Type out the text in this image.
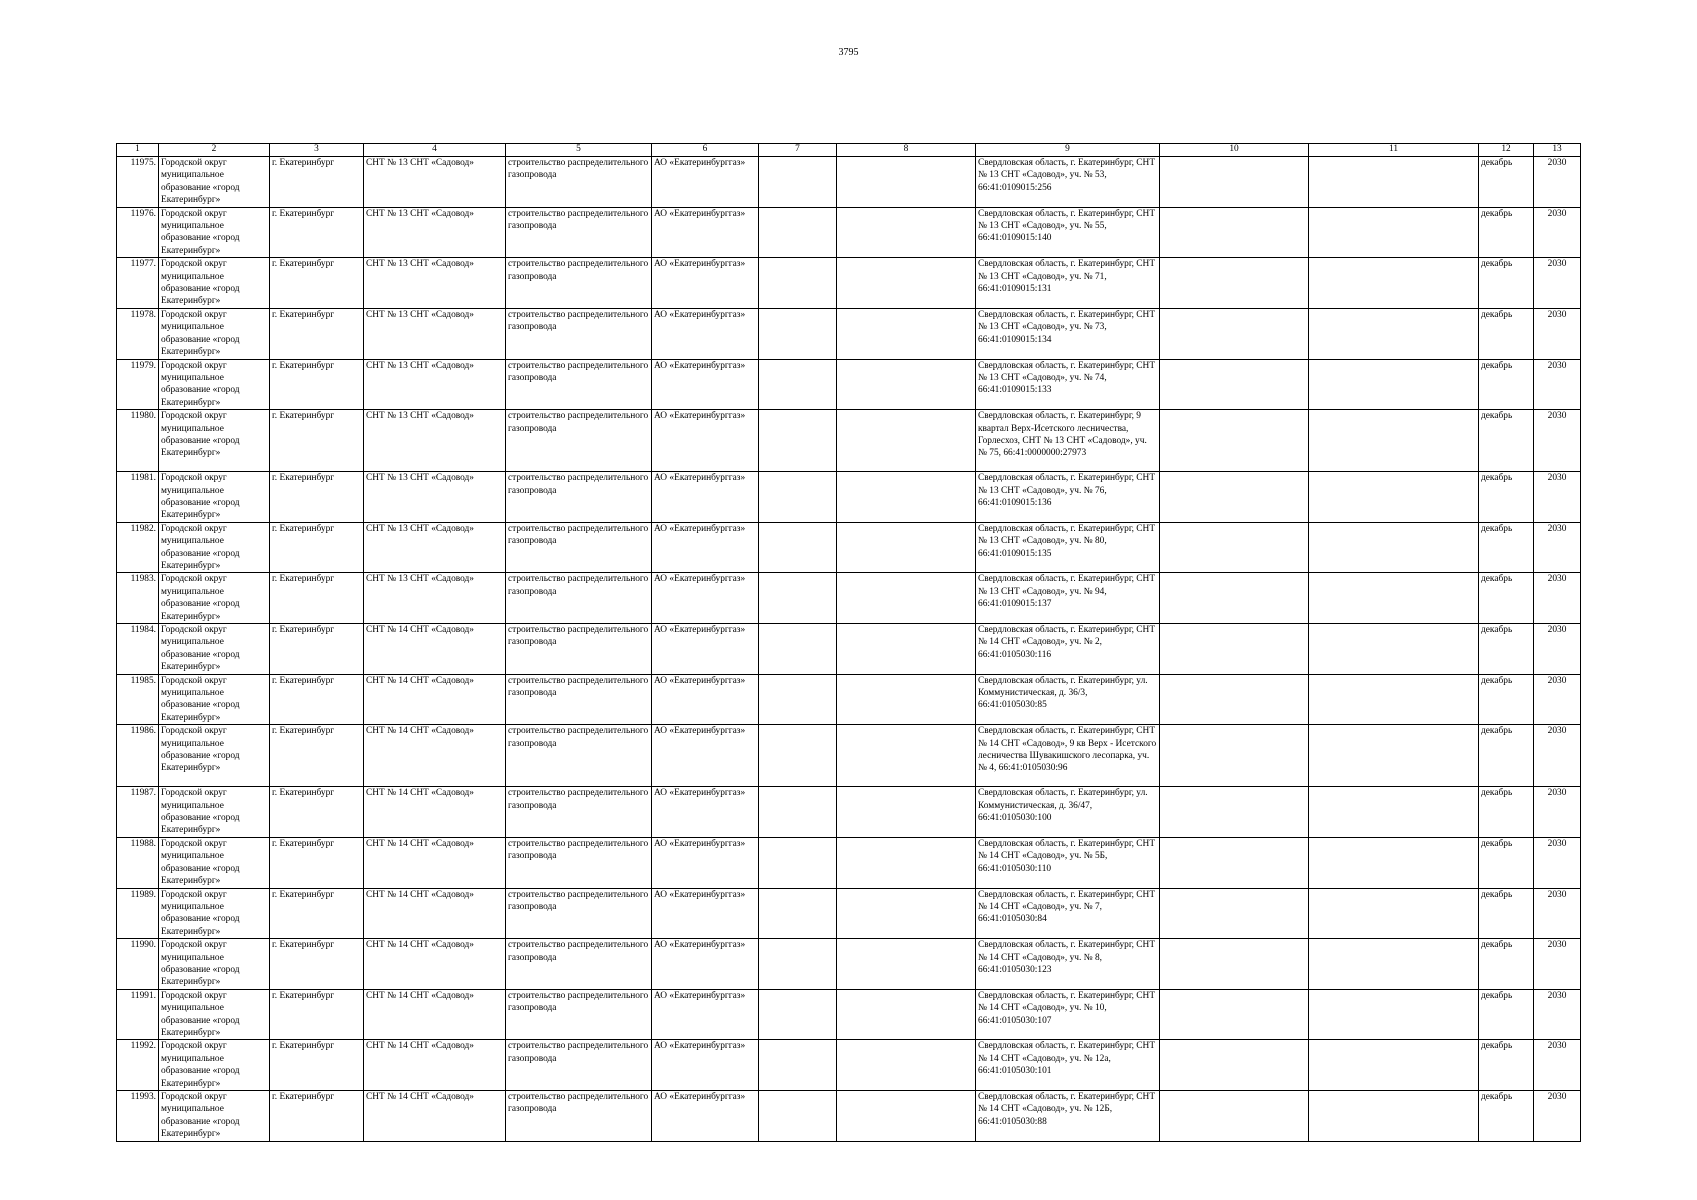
3795
1	2	3	4	5	6	7	8	9	10	11	12	13
11975.	Городской округ муниципальное образование «город Екатеринбург»	г. Екатеринбург	СНТ № 13 СНТ «Садовод»	строительство распределительного газопровода	АО «Екатеринбурггаз»			Свердловская область, г. Екатеринбург, СНТ № 13 СНТ «Садовод», уч. № 53, 66:41:0109015:256			декабрь	2030
11976.	Городской округ муниципальное образование «город Екатеринбург»	г. Екатеринбург	СНТ № 13 СНТ «Садовод»	строительство распределительного газопровода	АО «Екатеринбурггаз»			Свердловская область, г. Екатеринбург, СНТ № 13 СНТ «Садовод», уч. № 55, 66:41:0109015:140			декабрь	2030
11977.	Городской округ муниципальное образование «город Екатеринбург»	г. Екатеринбург	СНТ № 13 СНТ «Садовод»	строительство распределительного газопровода	АО «Екатеринбурггаз»			Свердловская область, г. Екатеринбург, СНТ № 13 СНТ «Садовод», уч. № 71, 66:41:0109015:131			декабрь	2030
11978.	Городской округ муниципальное образование «город Екатеринбург»	г. Екатеринбург	СНТ № 13 СНТ «Садовод»	строительство распределительного газопровода	АО «Екатеринбурггаз»			Свердловская область, г. Екатеринбург, СНТ № 13 СНТ «Садовод», уч. № 73, 66:41:0109015:134			декабрь	2030
11979.	Городской округ муниципальное образование «город Екатеринбург»	г. Екатеринбург	СНТ № 13 СНТ «Садовод»	строительство распределительного газопровода	АО «Екатеринбурггаз»			Свердловская область, г. Екатеринбург, СНТ № 13 СНТ «Садовод», уч. № 74, 66:41:0109015:133			декабрь	2030
11980.	Городской округ муниципальное образование «город Екатеринбург»	г. Екатеринбург	СНТ № 13 СНТ «Садовод»	строительство распределительного газопровода	АО «Екатеринбурггаз»			Свердловская область, г. Екатеринбург, 9 квартал Верх-Исетского лесничества, Горлесхоз, СНТ № 13 СНТ «Садовод», уч. № 75, 66:41:0000000:27973			декабрь	2030
11981.	Городской округ муниципальное образование «город Екатеринбург»	г. Екатеринбург	СНТ № 13 СНТ «Садовод»	строительство распределительного газопровода	АО «Екатеринбурггаз»			Свердловская область, г. Екатеринбург, СНТ № 13 СНТ «Садовод», уч. № 76, 66:41:0109015:136			декабрь	2030
11982.	Городской округ муниципальное образование «город Екатеринбург»	г. Екатеринбург	СНТ № 13 СНТ «Садовод»	строительство распределительного газопровода	АО «Екатеринбурггаз»			Свердловская область, г. Екатеринбург, СНТ № 13 СНТ «Садовод», уч. № 80, 66:41:0109015:135			декабрь	2030
11983.	Городской округ муниципальное образование «город Екатеринбург»	г. Екатеринбург	СНТ № 13 СНТ «Садовод»	строительство распределительного газопровода	АО «Екатеринбурггаз»			Свердловская область, г. Екатеринбург, СНТ № 13 СНТ «Садовод», уч. № 94, 66:41:0109015:137			декабрь	2030
11984.	Городской округ муниципальное образование «город Екатеринбург»	г. Екатеринбург	СНТ № 14 СНТ «Садовод»	строительство распределительного газопровода	АО «Екатеринбурггаз»			Свердловская область, г. Екатеринбург, СНТ № 14 СНТ «Садовод», уч. № 2, 66:41:0105030:116			декабрь	2030
11985.	Городской округ муниципальное образование «город Екатеринбург»	г. Екатеринбург	СНТ № 14 СНТ «Садовод»	строительство распределительного газопровода	АО «Екатеринбурггаз»			Свердловская область, г. Екатеринбург, ул. Коммунистическая, д. 36/3, 66:41:0105030:85			декабрь	2030
11986.	Городской округ муниципальное образование «город Екатеринбург»	г. Екатеринбург	СНТ № 14 СНТ «Садовод»	строительство распределительного газопровода	АО «Екатеринбурггаз»			Свердловская область, г. Екатеринбург, СНТ № 14 СНТ «Садовод», 9 кв Верх - Исетского лесничества Шувакишского лесопарка, уч. № 4, 66:41:0105030:96			декабрь	2030
11987.	Городской округ муниципальное образование «город Екатеринбург»	г. Екатеринбург	СНТ № 14 СНТ «Садовод»	строительство распределительного газопровода	АО «Екатеринбурггаз»			Свердловская область, г. Екатеринбург, ул. Коммунистическая, д. 36/47, 66:41:0105030:100			декабрь	2030
11988.	Городской округ муниципальное образование «город Екатеринбург»	г. Екатеринбург	СНТ № 14 СНТ «Садовод»	строительство распределительного газопровода	АО «Екатеринбурггаз»			Свердловская область, г. Екатеринбург, СНТ № 14 СНТ «Садовод», уч. № 5Б, 66:41:0105030:110			декабрь	2030
11989.	Городской округ муниципальное образование «город Екатеринбург»	г. Екатеринбург	СНТ № 14 СНТ «Садовод»	строительство распределительного газопровода	АО «Екатеринбурггаз»			Свердловская область, г. Екатеринбург, СНТ № 14 СНТ «Садовод», уч. № 7, 66:41:0105030:84			декабрь	2030
11990.	Городской округ муниципальное образование «город Екатеринбург»	г. Екатеринбург	СНТ № 14 СНТ «Садовод»	строительство распределительного газопровода	АО «Екатеринбурггаз»			Свердловская область, г. Екатеринбург, СНТ № 14 СНТ «Садовод», уч. № 8, 66:41:0105030:123			декабрь	2030
11991.	Городской округ муниципальное образование «город Екатеринбург»	г. Екатеринбург	СНТ № 14 СНТ «Садовод»	строительство распределительного газопровода	АО «Екатеринбурггаз»			Свердловская область, г. Екатеринбург, СНТ № 14 СНТ «Садовод», уч. № 10, 66:41:0105030:107			декабрь	2030
11992.	Городской округ муниципальное образование «город Екатеринбург»	г. Екатеринбург	СНТ № 14 СНТ «Садовод»	строительство распределительного газопровода	АО «Екатеринбурггаз»			Свердловская область, г. Екатеринбург, СНТ № 14 СНТ «Садовод», уч. № 12а, 66:41:0105030:101			декабрь	2030
11993.	Городской округ муниципальное образование «город Екатеринбург»	г. Екатеринбург	СНТ № 14 СНТ «Садовод»	строительство распределительного газопровода	АО «Екатеринбурггаз»			Свердловская область, г. Екатеринбург, СНТ № 14 СНТ «Садовод», уч. № 12Б, 66:41:0105030:88			декабрь	2030
